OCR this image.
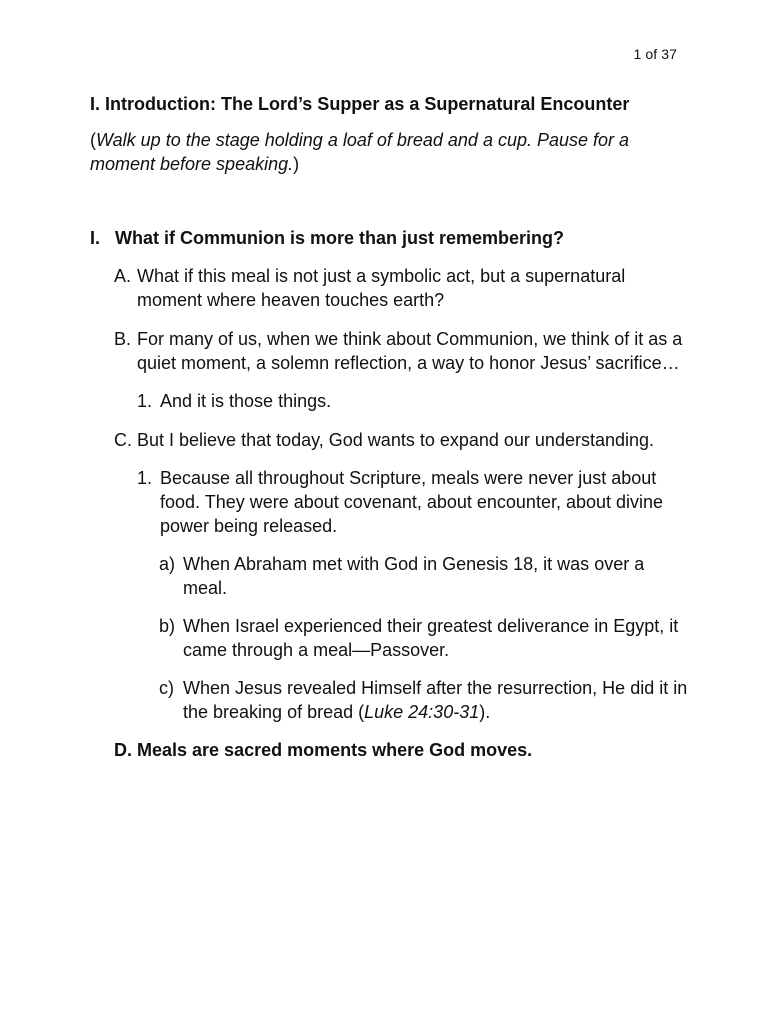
1 of 37

I. Introduction: The Lord’s Supper as a Supernatural Encounter

(Walk up to the stage holding a loaf of bread and a cup. Pause for a moment before speaking.)
I. What if Communion is more than just remembering?
A. What if this meal is not just a symbolic act, but a supernatural moment where heaven touches earth?
B. For many of us, when we think about Communion, we think of it as a quiet moment, a solemn reflection, a way to honor Jesus’ sacrifice…
1. And it is those things.
C. But I believe that today, God wants to expand our understanding.
1. Because all throughout Scripture, meals were never just about food. They were about covenant, about encounter, about divine power being released.
a) When Abraham met with God in Genesis 18, it was over a meal.
b) When Israel experienced their greatest deliverance in Egypt, it came through a meal—Passover.
c) When Jesus revealed Himself after the resurrection, He did it in the breaking of bread (Luke 24:30-31).
D. Meals are sacred moments where God moves.
